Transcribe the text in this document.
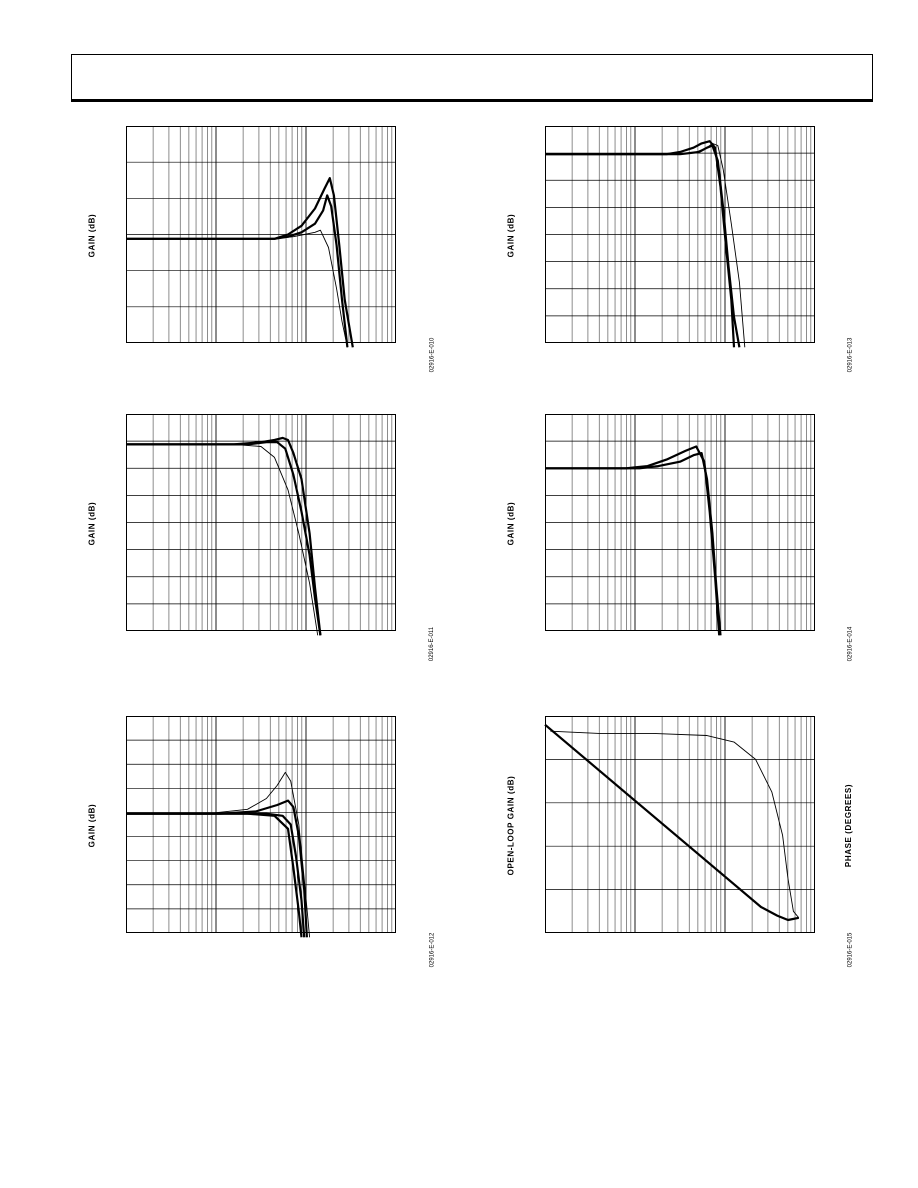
GAIN (dB)
02916-E-010
GAIN (dB)
02916-E-013
GAIN (dB)
02916-E-011
GAIN (dB)
02916-E-014
GAIN (dB)
02916-E-012
OPEN-LOOP GAIN (dB)	PHASE (DEGREES)
02916-E-015
